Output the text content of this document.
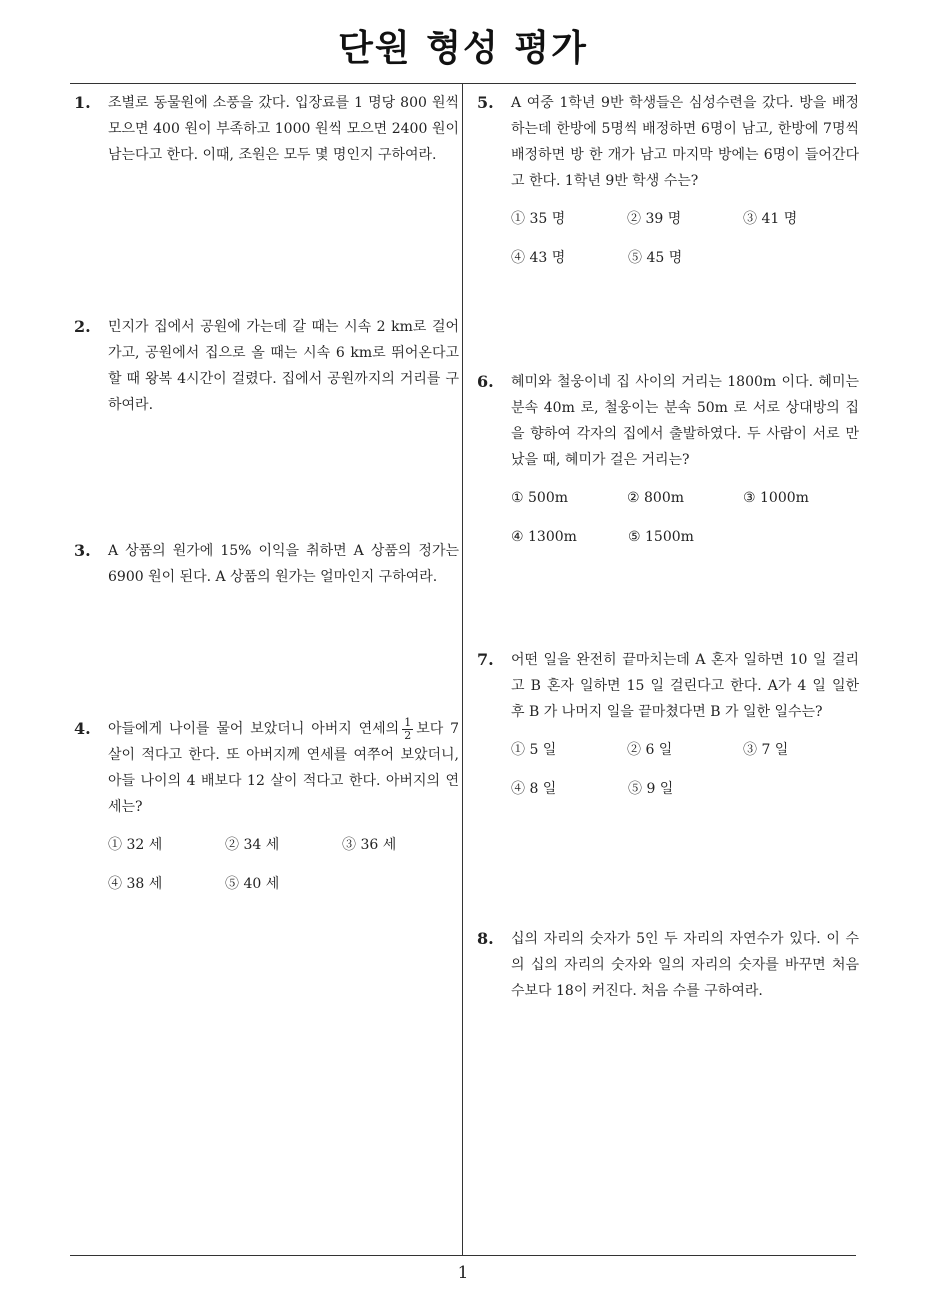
단원 형성 평가
1. 조별로 동물원에 소풍을 갔다. 입장료를 1 명당 800 원씩 모으면 400 원이 부족하고 1000 원씩 모으면 2400 원이 남는다고 한다. 이때, 조원은 모두 몇 명인지 구하여라.
2. 민지가 집에서 공원에 가는데 갈 때는 시속 2 km로 걸어가고, 공원에서 집으로 올 때는 시속 6 km로 뛰어온다고 할 때 왕복 4시간이 걸렸다. 집에서 공원까지의 거리를 구하여라.
3. A 상품의 원가에 15% 이익을 취하면 A 상품의 정가는 6900 원이 된다. A 상품의 원가는 얼마인지 구하여라.
4. 아들에게 나이를 물어 보았더니 아버지 연세의 $\frac{1}{2}$ 보다 7 살이 적다고 한다. 또 아버지께 연세를 여쭈어 보았더니, 아들 나이의 4 배보다 12 살이 적다고 한다. 아버지의 연세는?
① 32 세	② 34 세	③ 36 세
④ 38 세	⑤ 40 세
5. A 여중 1학년 9반 학생들은 심성수련을 갔다. 방을 배정하는데 한방에 5명씩 배정하면 6명이 남고, 한방에 7명씩 배정하면 방 한 개가 남고 마지막 방에는 6명이 들어간다고 한다. 1학년 9반 학생 수는?
① 35 명	② 39 명	③ 41 명
④ 43 명	⑤ 45 명
6. 혜미와 철웅이네 집 사이의 거리는 1800m 이다. 혜미는 분속 40m 로, 철웅이는 분속 50m 로 서로 상대방의 집을 향하여 각자의 집에서 출발하였다. 두 사람이 서로 만났을 때, 혜미가 걸은 거리는?
① 500m	② 800m	③ 1000m
④ 1300m	⑤ 1500m
7. 어떤 일을 완전히 끝마치는데 A 혼자 일하면 10 일 걸리고 B 혼자 일하면 15 일 걸린다고 한다. A가 4 일 일한 후 B 가 나머지 일을 끝마쳤다면 B 가 일한 일수는?
① 5 일	② 6 일	③ 7 일
④ 8 일	⑤ 9 일
8. 십의 자리의 숫자가 5인 두 자리의 자연수가 있다. 이 수의 십의 자리의 숫자와 일의 자리의 숫자를 바꾸면 처음 수보다 18이 커진다. 처음 수를 구하여라.
1
